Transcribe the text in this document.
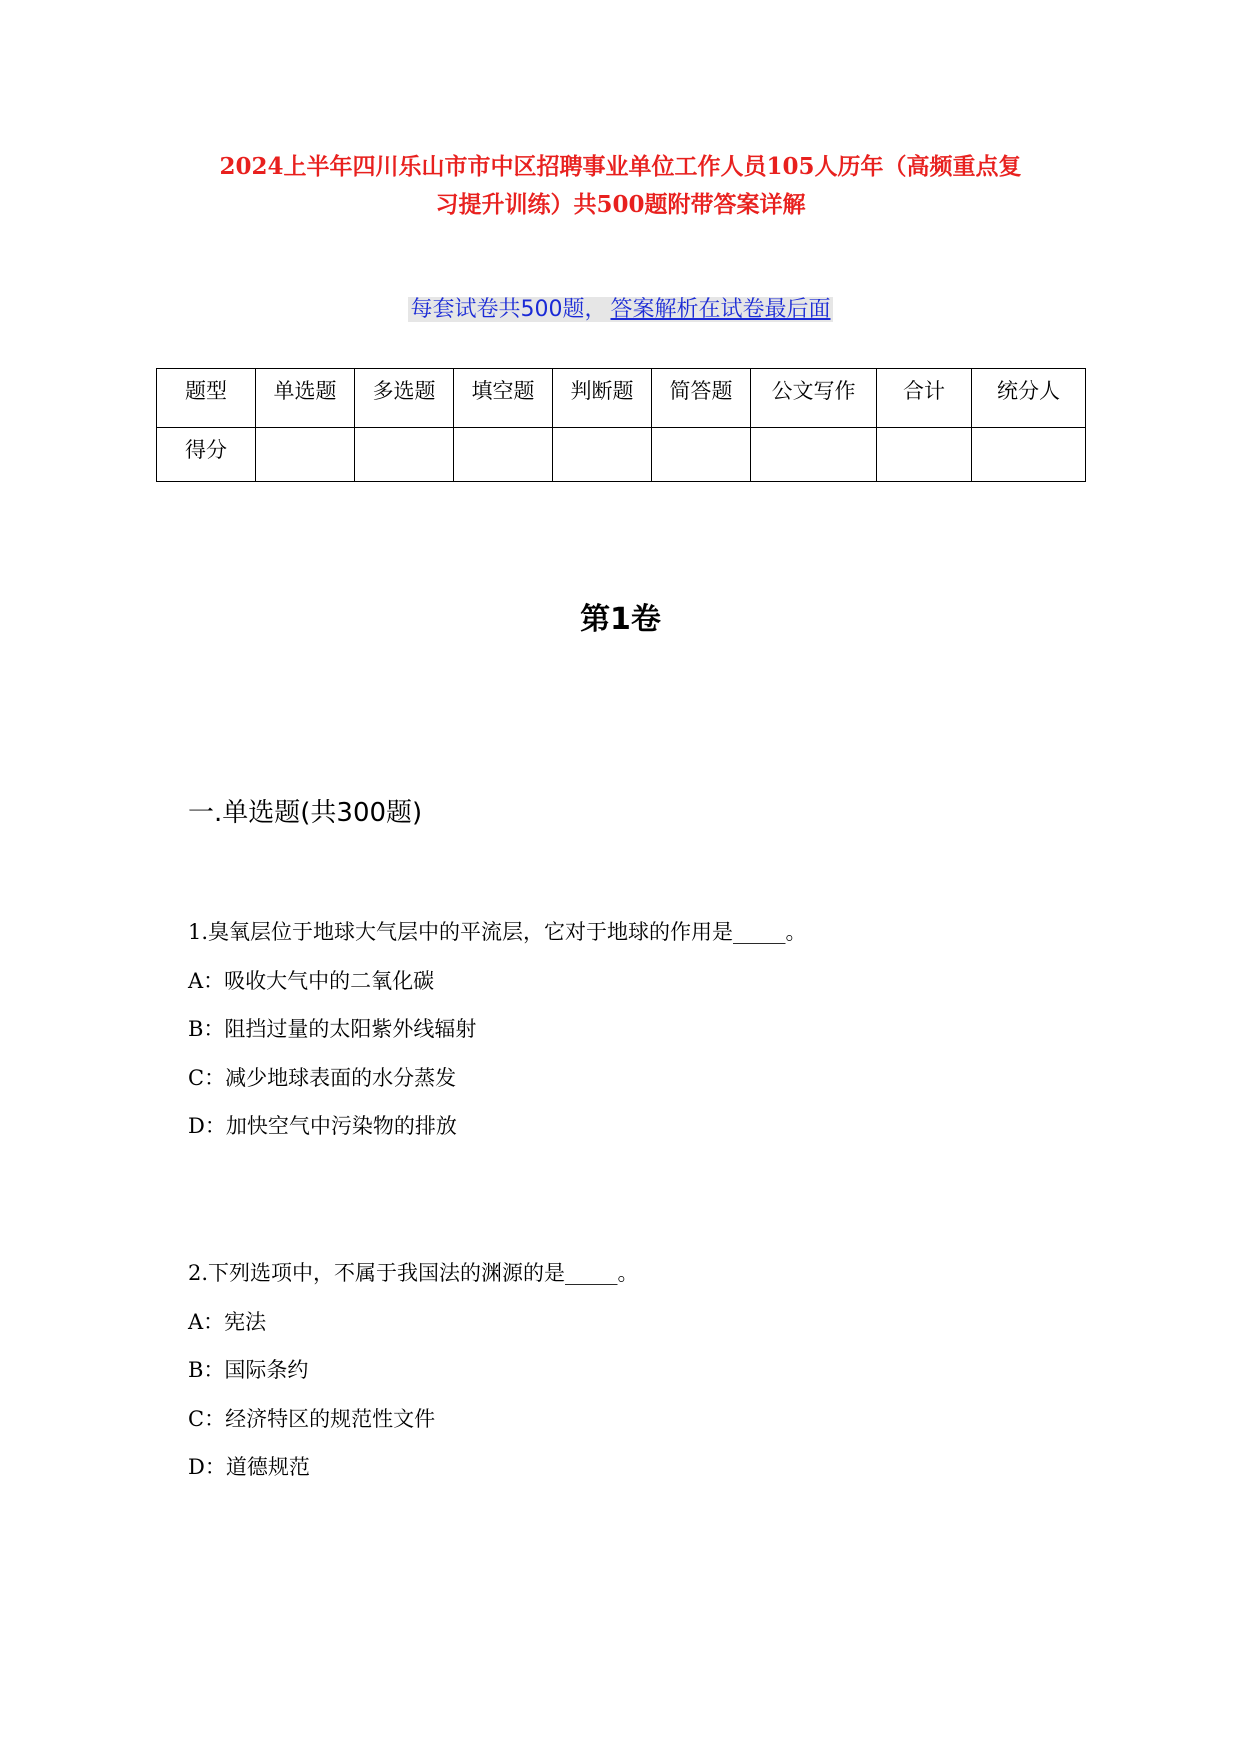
2024上半年四川乐山市市中区招聘事业单位工作人员105人历年（高频重点复
习提升训练）共500题附带答案详解
每套试卷共500题， 答案解析在试卷最后面
题型	单选题	多选题	填空题	判断题	简答题	公文写作	合计	统分人
得分								
第1卷
一.单选题(共300题)
1.臭氧层位于地球大气层中的平流层，它对于地球的作用是_____。
A：吸收大气中的二氧化碳
B：阻挡过量的太阳紫外线辐射
C：减少地球表面的水分蒸发
D：加快空气中污染物的排放
2.下列选项中，不属于我国法的渊源的是_____。
A：宪法
B：国际条约
C：经济特区的规范性文件
D：道德规范
